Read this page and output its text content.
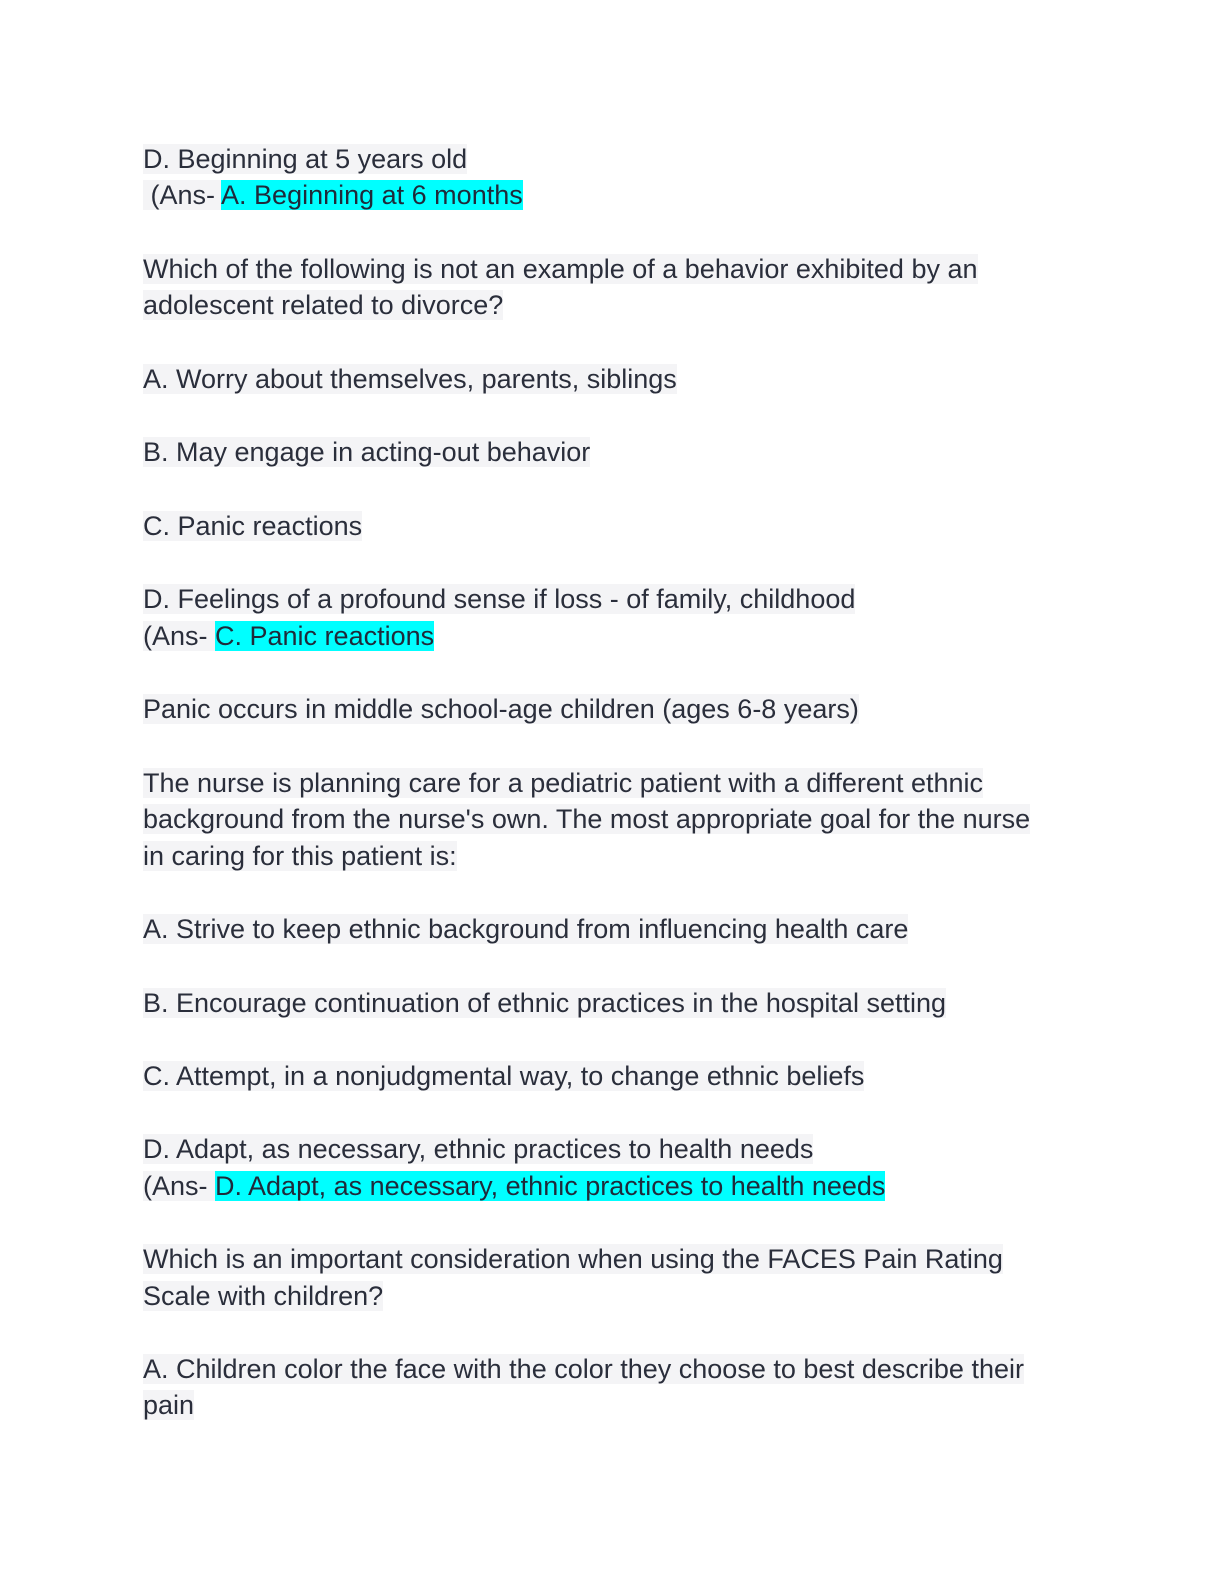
D. Beginning at 5 years old
(Ans- A. Beginning at 6 months
Which of the following is not an example of a behavior exhibited by an
adolescent related to divorce?
A. Worry about themselves, parents, siblings
B. May engage in acting-out behavior
C. Panic reactions
D. Feelings of a profound sense if loss - of family, childhood
(Ans- C. Panic reactions
Panic occurs in middle school-age children (ages 6-8 years)
The nurse is planning care for a pediatric patient with a different ethnic
background from the nurse's own. The most appropriate goal for the nurse
in caring for this patient is:
A. Strive to keep ethnic background from influencing health care
B. Encourage continuation of ethnic practices in the hospital setting
C. Attempt, in a nonjudgmental way, to change ethnic beliefs
D. Adapt, as necessary, ethnic practices to health needs
(Ans- D. Adapt, as necessary, ethnic practices to health needs
Which is an important consideration when using the FACES Pain Rating
Scale with children?
A. Children color the face with the color they choose to best describe their
pain
